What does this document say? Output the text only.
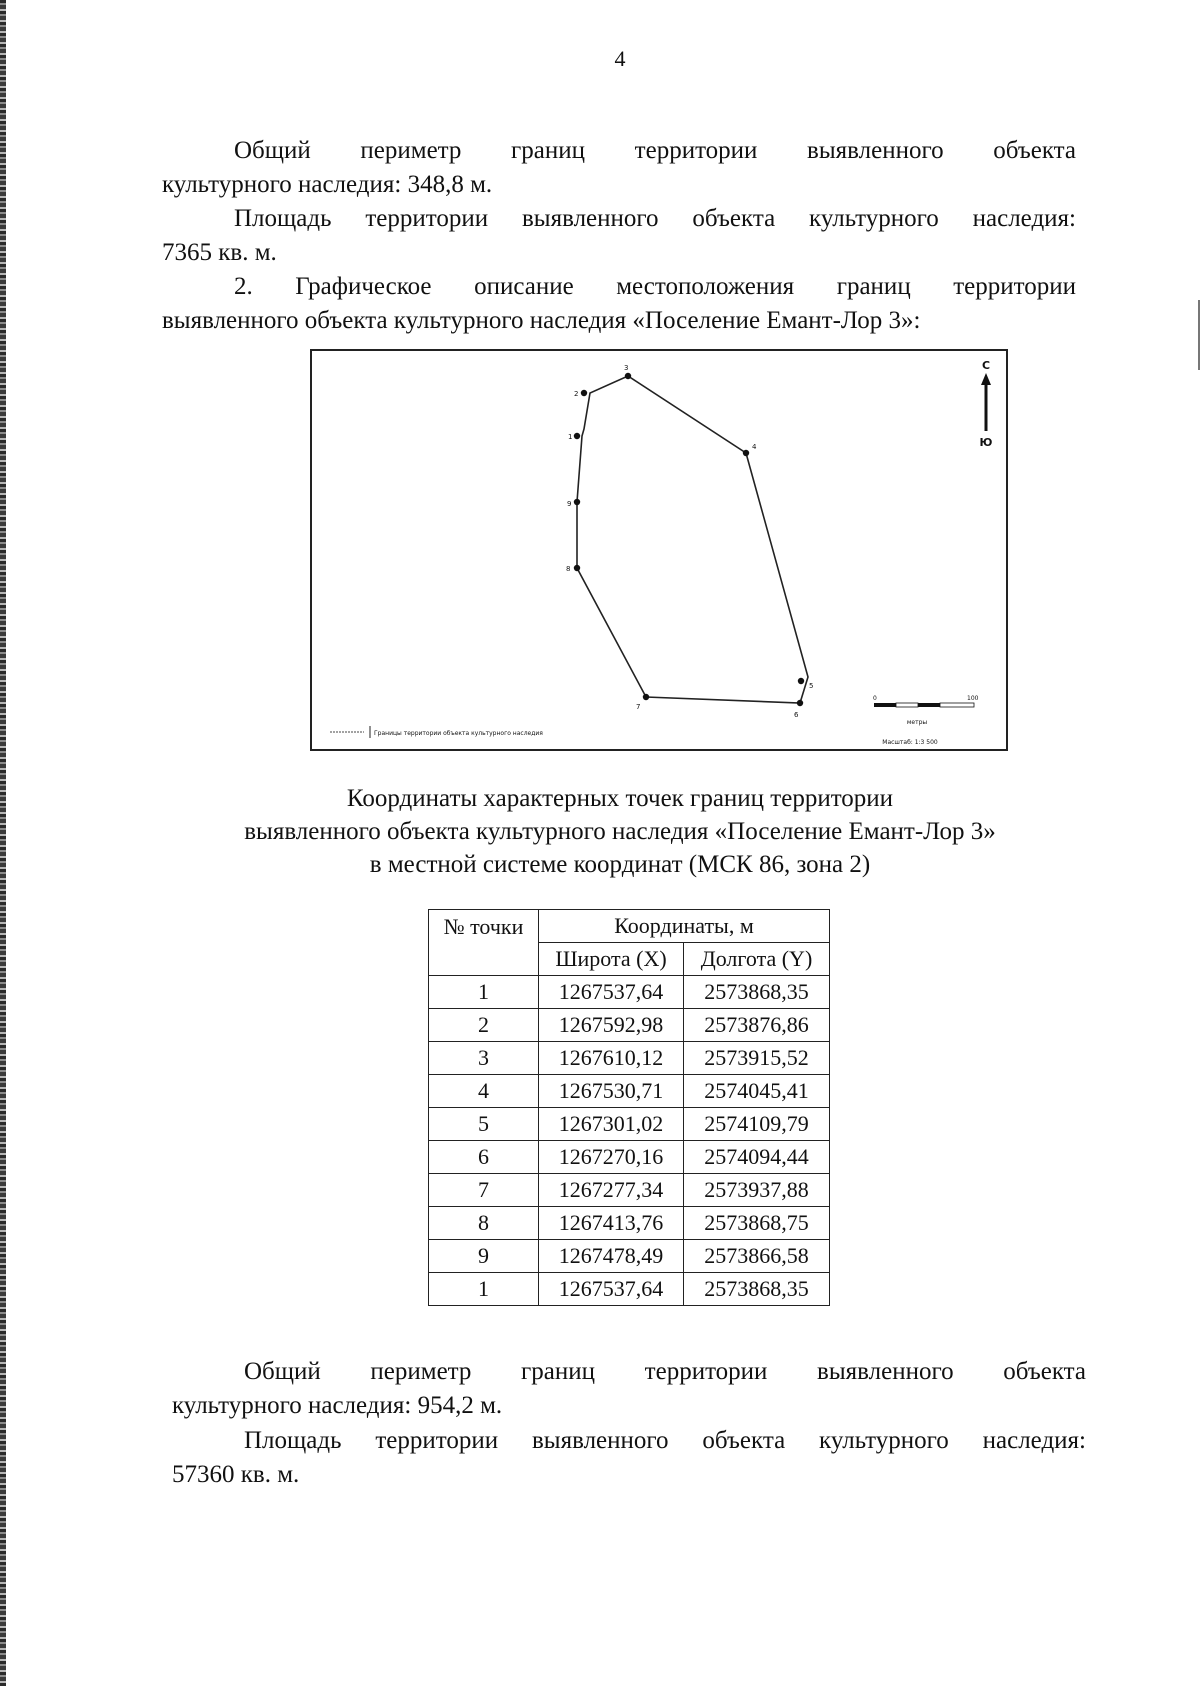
4

Общий периметр границ территории выявленного объекта
культурного наследия: 348,8 м.

Площадь территории выявленного объекта культурного наследия:
7365 кв. м.

2. Графическое описание местоположения границ территории
выявленного объекта культурного наследия «Поселение Емант-Лор 3»:

1
2
3
4
5
6
7
8
9
С
Ю
Границы территории объекта культурного наследия
0	100
метры
Масштаб: 1:3 500
Координаты характерных точек границ территории
выявленного объекта культурного наследия «Поселение Емант-Лор 3»
в местной системе координат (МСК 86, зона 2)
№ точки	Координаты, м	
	Широта (X)	Долгота (Y)
1	1267537,64	2573868,35
2	1267592,98	2573876,86
3	1267610,12	2573915,52
4	1267530,71	2574045,41
5	1267301,02	2574109,79
6	1267270,16	2574094,44
7	1267277,34	2573937,88
8	1267413,76	2573868,75
9	1267478,49	2573866,58
1	1267537,64	2573868,35

Общий периметр границ территории выявленного объекта
культурного наследия: 954,2 м.

Площадь территории выявленного объекта культурного наследия:
57360 кв. м.
